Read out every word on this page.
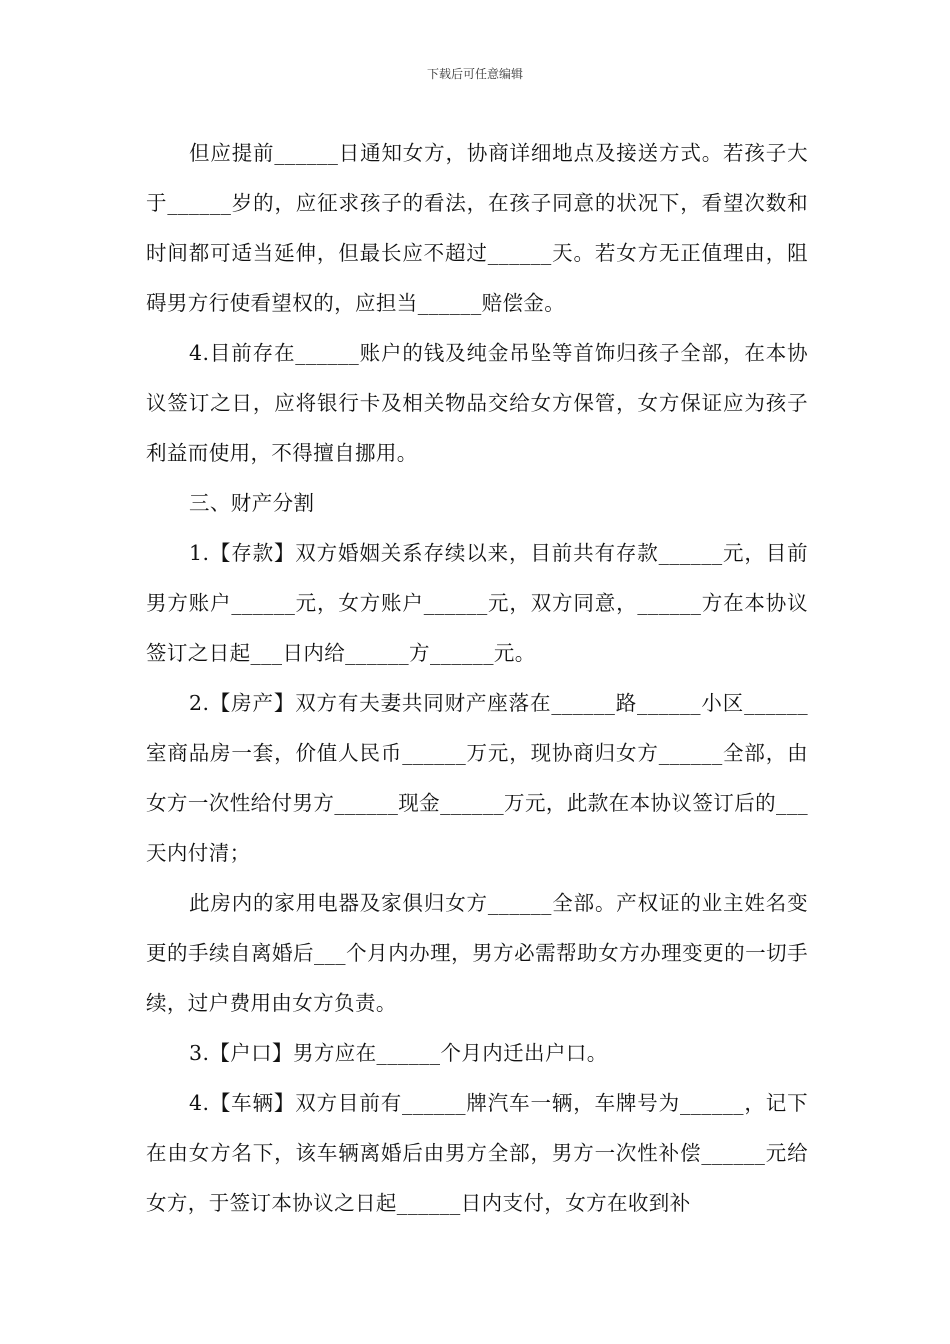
下载后可任意编辑

但应提前______日通知女方，协商详细地点及接送方式。若孩子大于______岁的，应征求孩子的看法，在孩子同意的状况下，看望次数和时间都可适当延伸，但最长应不超过______天。若女方无正值理由，阻碍男方行使看望权的，应担当______赔偿金。

4.目前存在______账户的钱及纯金吊坠等首饰归孩子全部，在本协议签订之日，应将银行卡及相关物品交给女方保管，女方保证应为孩子利益而使用，不得擅自挪用。

三、财产分割

1.【存款】双方婚姻关系存续以来，目前共有存款______元，目前男方账户______元，女方账户______元，双方同意，______方在本协议签订之日起___日内给______方______元。

2.【房产】双方有夫妻共同财产座落在______路______小区______室商品房一套，价值人民币______万元，现协商归女方______全部，由女方一次性给付男方______现金______万元，此款在本协议签订后的___天内付清；

此房内的家用电器及家俱归女方______全部。产权证的业主姓名变更的手续自离婚后___个月内办理，男方必需帮助女方办理变更的一切手续，过户费用由女方负责。

3.【户口】男方应在______个月内迁出户口。

4.【车辆】双方目前有______牌汽车一辆，车牌号为______，记下在由女方名下，该车辆离婚后由男方全部，男方一次性补偿______元给女方，于签订本协议之日起______日内支付，女方在收到补
